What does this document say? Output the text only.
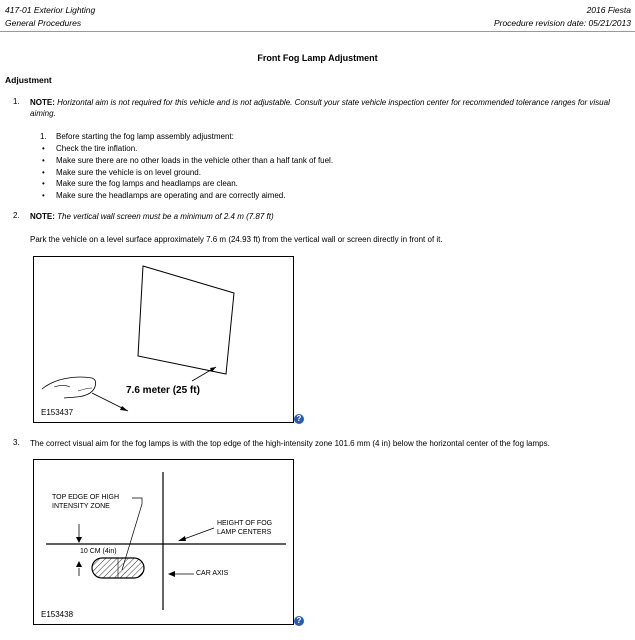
417-01 Exterior Lighting
General Procedures
2016 Fiesta
Procedure revision date: 05/21/2013
Front Fog Lamp Adjustment
Adjustment
1. NOTE: Horizontal aim is not required for this vehicle and is not adjustable. Consult your state vehicle inspection center for recommended tolerance ranges for visual aiming.
1. Before starting the fog lamp assembly adjustment:
• Check the tire inflation.
• Make sure there are no other loads in the vehicle other than a half tank of fuel.
• Make sure the vehicle is on level ground.
• Make sure the fog lamps and headlamps are clean.
• Make sure the headlamps are operating and are correctly aimed.
2. NOTE: The vertical wall screen must be a minimum of 2.4 m (7.87 ft)
Park the vehicle on a level surface approximately 7.6 m (24.93 ft) from the vertical wall or screen directly in front of it.
7.6 meter (25 ft)
E153437
?
3. The correct visual aim for the fog lamps is with the top edge of the high-intensity zone 101.6 mm (4 in) below the horizontal center of the fog lamps.
TOP EDGE OF HIGH
INTENSITY ZONE
HEIGHT OF FOG
LAMP CENTERS
10 CM (4in)
CAR AXIS
E153438
?
